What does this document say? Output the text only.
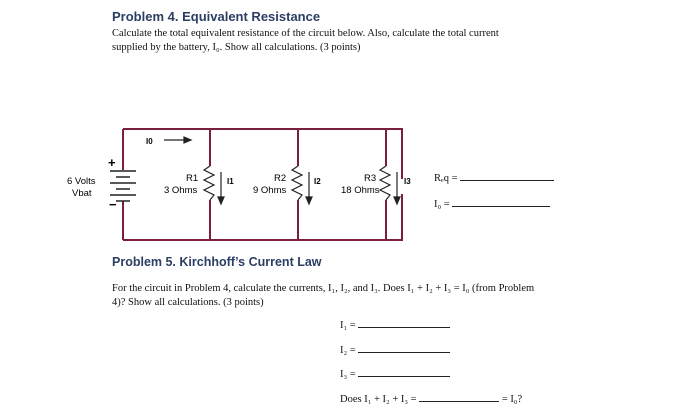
Problem 4. Equivalent Resistance
Calculate the total equivalent resistance of the circuit below. Also, calculate the total current
supplied by the battery, I₀. Show all calculations. (3 points)
+
−
6 Volts
Vbat
I0
R1
3 Ohms
I1	R2
9 Ohms
I2	R3
18 Ohms
I3 Rₑq =
I₀ =
Problem 5. Kirchhoff’s Current Law
For the circuit in Problem 4, calculate the currents, I₁, I₂, and I₃. Does I₁ + I₂ + I₃ = I₀ (from Problem
4)? Show all calculations. (3 points)
I₁ =
I₂ =
I₃ =
Does I₁ + I₂ + I₃ =	= I₀?
